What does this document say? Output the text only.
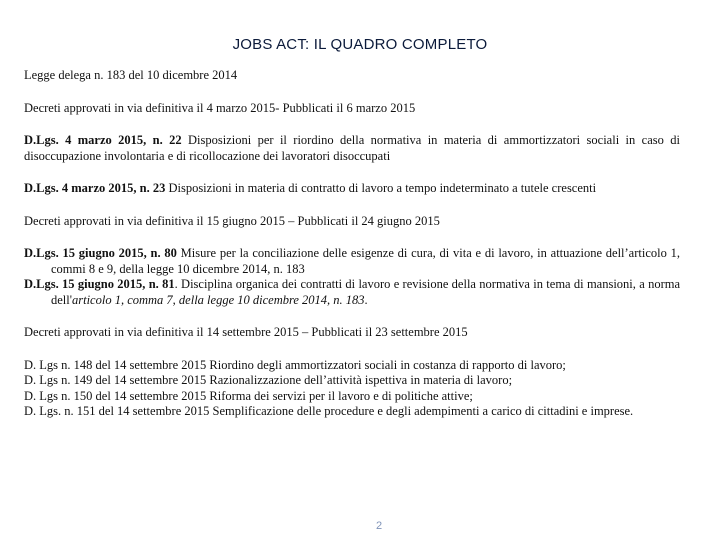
JOBS ACT: IL QUADRO COMPLETO

Legge delega n. 183 del 10 dicembre 2014

Decreti approvati in via definitiva il 4 marzo 2015- Pubblicati il 6 marzo 2015

D.Lgs. 4 marzo 2015, n. 22 Disposizioni per il riordino della normativa in materia di ammortizzatori sociali in caso di disoccupazione involontaria e di ricollocazione dei lavoratori disoccupati

D.Lgs. 4 marzo 2015, n. 23 Disposizioni in materia di contratto di lavoro a tempo indeterminato a tutele crescenti

Decreti approvati in via definitiva il 15 giugno 2015 – Pubblicati il 24 giugno 2015

D.Lgs. 15 giugno 2015, n. 80 Misure per la conciliazione delle esigenze di cura, di vita e di lavoro, in attuazione dell’articolo 1, commi 8 e 9, della legge 10 dicembre 2014, n. 183

D.Lgs. 15 giugno 2015, n. 81. Disciplina organica dei contratti di lavoro e revisione della normativa in tema di mansioni, a norma dell'articolo 1, comma 7, della legge 10 dicembre 2014, n. 183.

Decreti approvati in via definitiva il 14 settembre 2015 – Pubblicati il 23 settembre 2015

D. Lgs n. 148 del 14 settembre 2015 Riordino degli ammortizzatori sociali in costanza di rapporto di lavoro;

D. Lgs n. 149 del 14 settembre 2015 Razionalizzazione dell’attività ispettiva in materia di lavoro;

D. Lgs n. 150 del 14 settembre 2015 Riforma dei servizi per il lavoro e di politiche attive;

D. Lgs. n. 151 del 14 settembre 2015 Semplificazione delle procedure e degli adempimenti a carico di cittadini e imprese.

2
